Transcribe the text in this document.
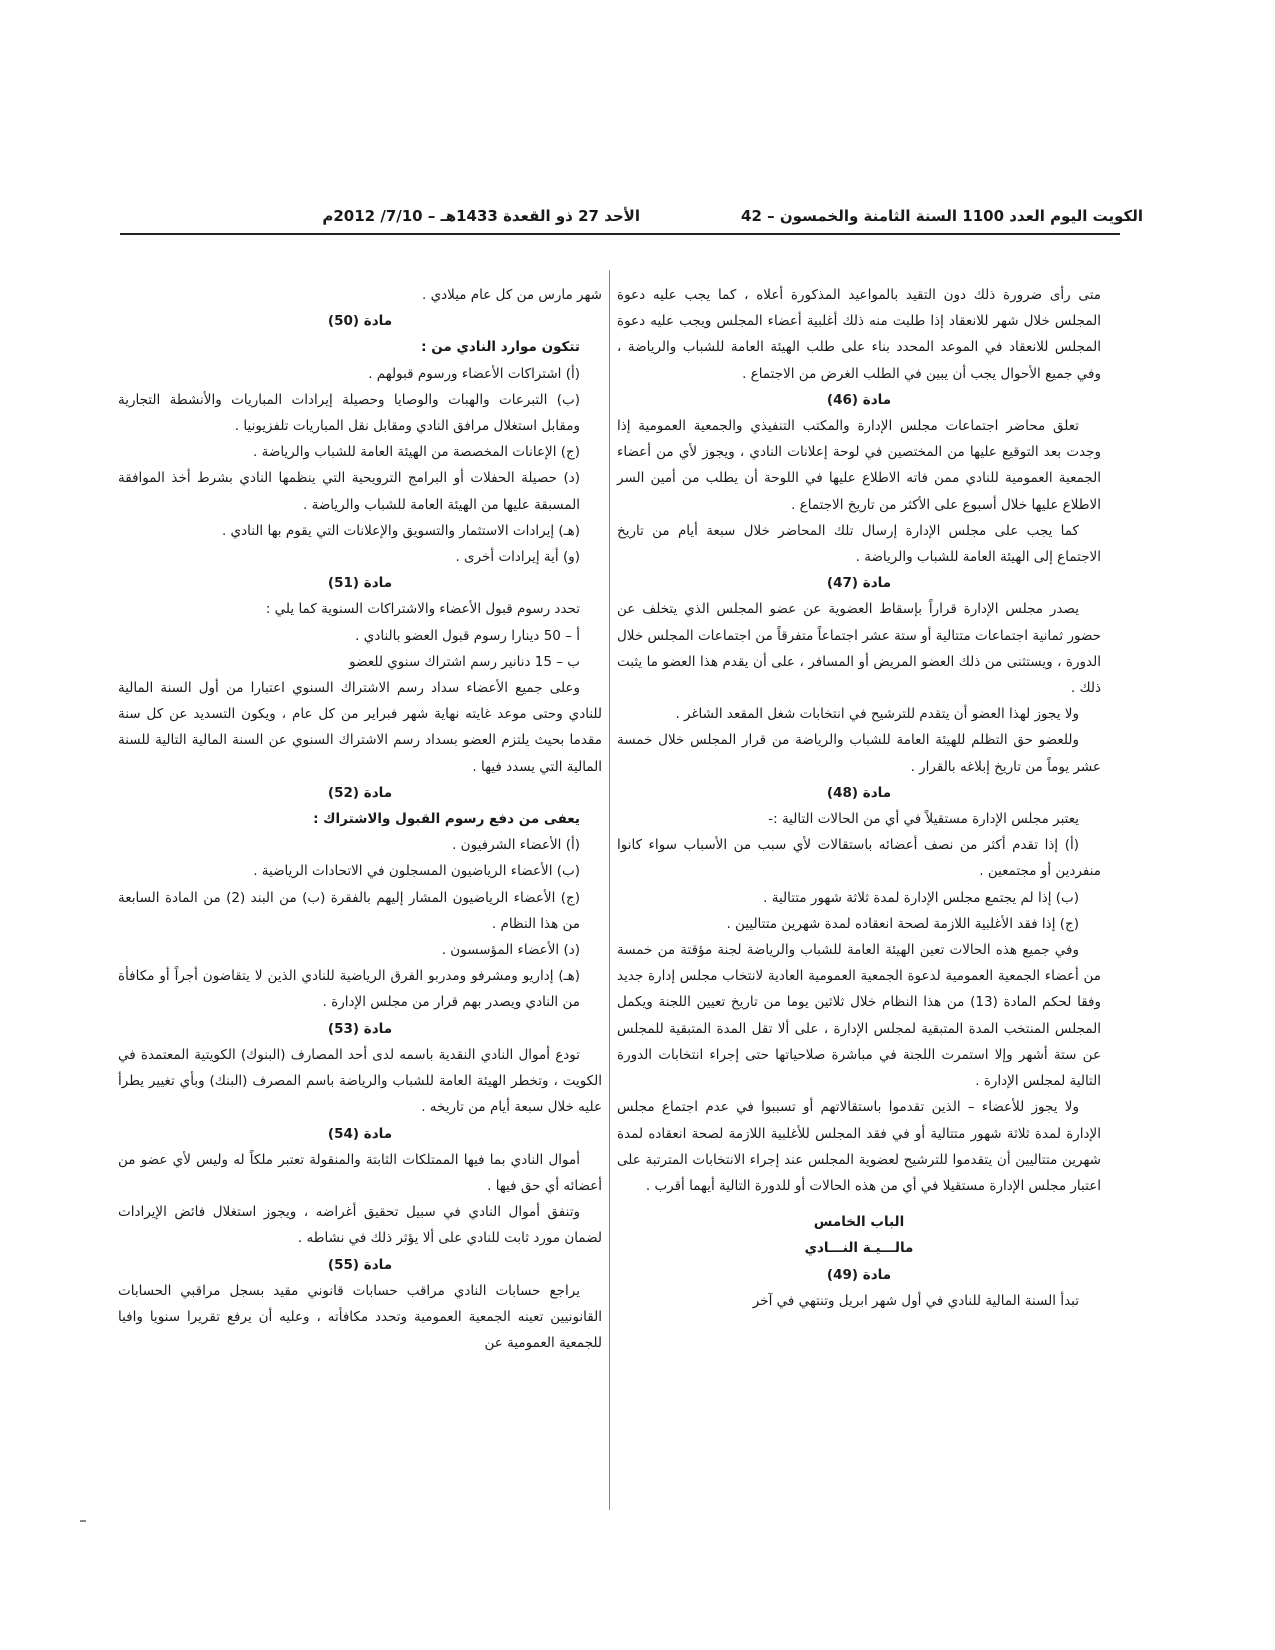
الكويت اليوم العدد 1100 السنة الثامنة والخمسون – 42
الأحد 27 ذو القعدة 1433هـ – 7/10/ 2012م
متى رأى ضرورة ذلك دون التقيد بالمواعيد المذكورة أعلاه ، كما يجب عليه دعوة المجلس خلال شهر للانعقاد إذا طلبت منه ذلك أغلبية أعضاء المجلس ويجب عليه دعوة المجلس للانعقاد في الموعد المحدد بناء على طلب الهيئة العامة للشباب والرياضة ، وفي جميع الأحوال يجب أن يبين في الطلب الغرض من الاجتماع .
مادة (46)
تعلق محاضر اجتماعات مجلس الإدارة والمكتب التنفيذي والجمعية العمومية إذا وجدت بعد التوقيع عليها من المختصين في لوحة إعلانات النادي ، ويجوز لأي من أعضاء الجمعية العمومية للنادي ممن فاته الاطلاع عليها في اللوحة أن يطلب من أمين السر الاطلاع عليها خلال أسبوع على الأكثر من تاريخ الاجتماع .
كما يجب على مجلس الإدارة إرسال تلك المحاضر خلال سبعة أيام من تاريخ الاجتماع إلى الهيئة العامة للشباب والرياضة .
مادة (47)
يصدر مجلس الإدارة قراراً بإسقاط العضوية عن عضو المجلس الذي يتخلف عن حضور ثمانية اجتماعات متتالية أو ستة عشر اجتماعاً متفرقاً من اجتماعات المجلس خلال الدورة ، ويستثنى من ذلك العضو المريض أو المسافر ، على أن يقدم هذا العضو ما يثبت ذلك .
ولا يجوز لهذا العضو أن يتقدم للترشيح في انتخابات شغل المقعد الشاغر .
وللعضو حق التظلم للهيئة العامة للشباب والرياضة من قرار المجلس خلال خمسة عشر يوماً من تاريخ إبلاغه بالقرار .
مادة (48)
يعتبر مجلس الإدارة مستقيلاً في أي من الحالات التالية :-
(أ) إذا تقدم أكثر من نصف أعضائه باستقالات لأي سبب من الأسباب سواء كانوا منفردين أو مجتمعين .
(ب) إذا لم يجتمع مجلس الإدارة لمدة ثلاثة شهور متتالية .
(ج) إذا فقد الأغلبية اللازمة لصحة انعقاده لمدة شهرين متتاليين .
وفي جميع هذه الحالات تعين الهيئة العامة للشباب والرياضة لجنة مؤقتة من خمسة من أعضاء الجمعية العمومية لدعوة الجمعية العمومية العادية لانتخاب مجلس إدارة جديد وفقا لحكم المادة (13) من هذا النظام خلال ثلاثين يوما من تاريخ تعيين اللجنة ويكمل المجلس المنتخب المدة المتبقية لمجلس الإدارة ، على ألا تقل المدة المتبقية للمجلس عن ستة أشهر وإلا استمرت اللجنة في مباشرة صلاحياتها حتى إجراء انتخابات الدورة التالية لمجلس الإدارة .
ولا يجوز للأعضاء – الذين تقدموا باستقالاتهم أو تسببوا في عدم اجتماع مجلس الإدارة لمدة ثلاثة شهور متتالية أو في فقد المجلس للأغلبية اللازمة لصحة انعقاده لمدة شهرين متتاليين أن يتقدموا للترشيح لعضوية المجلس عند إجراء الانتخابات المترتبة على اعتبار مجلس الإدارة مستقيلا في أي من هذه الحالات أو للدورة التالية أيهما أقرب .
الباب الخامس
مالـــيـة النـــادي
مادة (49)
تبدأ السنة المالية للنادي في أول شهر ابريل وتنتهي في آخر
شهر مارس من كل عام ميلادي .
مادة (50)
تتكون موارد النادي من :
(أ) اشتراكات الأعضاء ورسوم قبولهم .
(ب) التبرعات والهبات والوصايا وحصيلة إيرادات المباريات والأنشطة التجارية ومقابل استغلال مرافق النادي ومقابل نقل المباريات تلفزيونيا .
(ج) الإعانات المخصصة من الهيئة العامة للشباب والرياضة .
(د) حصيلة الحفلات أو البرامج الترويحية التي ينظمها النادي بشرط أخذ الموافقة المسبقة عليها من الهيئة العامة للشباب والرياضة .
(هـ) إيرادات الاستثمار والتسويق والإعلانات التي يقوم بها النادي .
(و) أية إيرادات أخرى .
مادة (51)
تحدد رسوم قبول الأعضاء والاشتراكات السنوية كما يلي :
أ – 50 دينارا رسوم قبول العضو بالنادي .
ب – 15 دنانير رسم اشتراك سنوي للعضو
وعلى جميع الأعضاء سداد رسم الاشتراك السنوي اعتبارا من أول السنة المالية للنادي وحتى موعد غايته نهاية شهر فبراير من كل عام ، ويكون التسديد عن كل سنة مقدما بحيث يلتزم العضو بسداد رسم الاشتراك السنوي عن السنة المالية التالية للسنة المالية التي يسدد فيها .
مادة (52)
يعفى من دفع رسوم القبول والاشتراك :
(أ) الأعضاء الشرفيون .
(ب) الأعضاء الرياضيون المسجلون في الاتحادات الرياضية .
(ج) الأعضاء الرياضيون المشار إليهم بالفقرة (ب) من البند (2) من المادة السابعة من هذا النظام .
(د) الأعضاء المؤسسون .
(هـ) إداريو ومشرفو ومدربو الفرق الرياضية للنادي الذين لا يتقاضون أجراً أو مكافأة من النادي ويصدر بهم قرار من مجلس الإدارة .
مادة (53)
تودع أموال النادي النقدية باسمه لدى أحد المصارف (البنوك) الكويتية المعتمدة في الكويت ، وتخطر الهيئة العامة للشباب والرياضة باسم المصرف (البنك) وبأي تغيير يطرأ عليه خلال سبعة أيام من تاريخه .
مادة (54)
أموال النادي بما فيها الممتلكات الثابتة والمنقولة تعتبر ملكاً له وليس لأي عضو من أعضائه أي حق فيها .
وتنفق أموال النادي في سبيل تحقيق أغراضه ، ويجوز استغلال فائض الإيرادات لضمان مورد ثابت للنادي على ألا يؤثر ذلك في نشاطه .
مادة (55)
يراجع حسابات النادي مراقب حسابات قانوني مقيد بسجل مراقبي الحسابات القانونيين تعينه الجمعية العمومية وتحدد مكافأته ، وعليه أن يرفع تقريرا سنويا وافيا للجمعية العمومية عن
